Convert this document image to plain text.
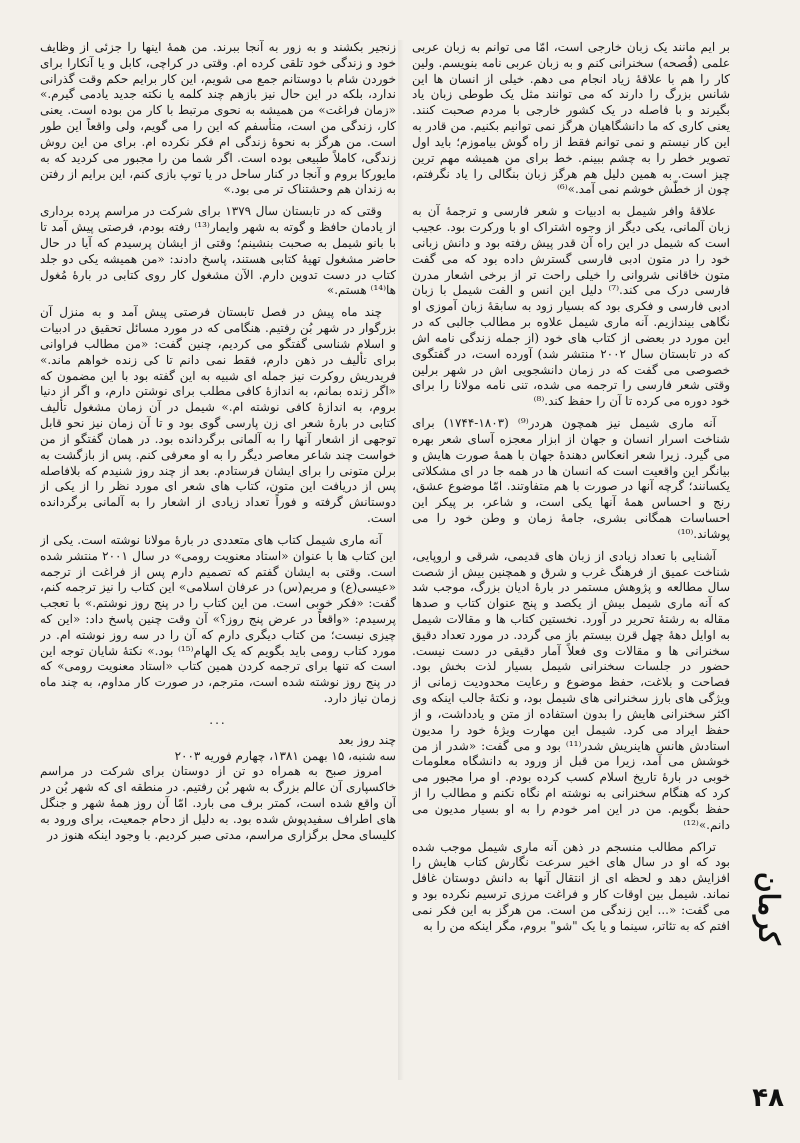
بر ایم مانند یک زبان خارجی است، امّا می توانم به زبان عربی علمی (فُصحه) سخنرانی کنم و به زبان عربی نامه بنویسم. ولین کار را هم با علاقهٔ زیاد انجام می دهم. خیلی از انسان ها این شانس بزرگ را دارند که می توانند مثل یک طوطی زبان یاد بگیرند و با فاصله در یک کشور خارجی با مردم صحبت کنند. یعنی کاری که ما دانشگاهیان هرگز نمی توانیم بکنیم. من قادر به این کار نیستم و نمی توانم فقط از راه گوش بیاموزم؛ باید اول تصویر خطر را به چشم ببینم. خط برای من همیشه مهم ترین چیز است. به همین دلیل هم هرگز زبان بنگالی را یاد نگرفتم، چون از خطّش خوشم نمی آمد.»⁽⁶⁾

علاقهٔ وافر شیمل به ادبیات و شعر فارسی و ترجمهٔ آن به زبان آلمانی، یکی دیگر از وجوه اشتراک او با ورکرت بود. عجیب است که شیمل در این راه آن قدر پیش رفته بود و دانش زبانی خود را در متون ادبی فارسی گسترش داده بود که می گفت متون خاقانی شروانی را خیلی راحت تر از برخی اشعار مدرن فارسی درک می کند.⁽⁷⁾ دلیل این انس و الفت شیمل با زبان ادبی فارسی و فکری بود که بسیار زود به سابقهٔ زبان آموزی او نگاهی بیندازیم. آنه ماری شیمل علاوه بر مطالب جالبی که در این مورد در بعضی از کتاب های خود (از جمله زندگی نامه اش که در تابستان سال ۲۰۰۲ منتشر شد) آورده است، در گفتگوی خصوصی می گفت که در زمان دانشجویی اش در شهر برلین وقتی شعر فارسی را ترجمه می شده، تنی نامه مولانا را برای خود دوره می کرده تا آن را حفظ کند.⁽⁸⁾

آنه ماری شیمل نیز همچون هردر⁽⁹⁾ (۱۸۰۳-۱۷۴۴) برای شناخت اسرار انسان و جهان از ابزار معجزه آسای شعر بهره می گیرد. زیرا شعر انعکاس دهندهٔ جهان با همهٔ صورت هایش و بیانگر این واقعیت است که انسان ها در همه جا در ای مشکلاتی یکسانند؛ گرچه آنها در صورت با هم متفاوتند. امّا موضوع عشق، رنج و احساس همهٔ آنها یکی است، و شاعر، بر پیکر این احساسات همگانی بشری، جامهٔ زمان و وطن خود را می پوشاند.⁽¹⁰⁾

آشنایی با تعداد زیادی از زبان های قدیمی، شرقی و اروپایی، شناخت عمیق از فرهنگ غرب و شرق و همچنین بیش از شصت سال مطالعه و پژوهش مستمر در بارهٔ ادیان بزرگ، موجب شد که آنه ماری شیمل بیش از یکصد و پنج عنوان کتاب و صدها مقاله به رشتهٔ تحریر در آورد. نخستین کتاب ها و مقالات شیمل به اوایل دههٔ چهل قرن بیستم باز می گردد. در مورد تعداد دقیق سخنرانی ها و مقالات وی فعلاً آمار دقیقی در دست نیست. حضور در جلسات سخنرانی شیمل بسیار لذت بخش بود. فصاحت و بلاغت، حفظ موضوع و رعایت محدودیت زمانی از ویژگی های بارز سخنرانی های شیمل بود، و نکتهٔ جالب اینکه وی اکثر سخنرانی هایش را بدون استفاده از متن و یادداشت، و از حفظ ایراد می کرد. شیمل این مهارت ویژهٔ خود را مدیون استادش هانس هاینریش شدر⁽¹¹⁾ بود و می گفت: «شدر از من خوشش می آمد، زیرا من قبل از ورود به دانشگاه معلومات خوبی در بارهٔ تاریخ اسلام کسب کرده بودم. او مرا مجبور می کرد که هنگام سخنرانی به نوشته ام نگاه نکنم و مطالب را از حفظ بگویم. من در این امر خودم را به او بسیار مدیون می دانم.»⁽¹²⁾

تراکم مطالب منسجم در ذهن آنه ماری شیمل موجب شده بود که او در سال های اخیر سرعت نگارش کتاب هایش را افزایش دهد و لحظه ای از انتقال آنها به دانش دوستان غافل نماند. شیمل بین اوقات کار و فراغت مرزی ترسیم نکرده بود و می گفت: «... این زندگی من است. من هرگز به این فکر نمی افتم که به تئاتر، سینما و یا یک "شو" بروم، مگر اینکه من را به

زنجیر بکشند و به زور به آنجا ببرند. من همهٔ اینها را جزئی از وظایف خود و زندگی خود تلقی کرده ام. وقتی در کراچی، کابل و یا آنکارا برای خوردن شام با دوستانم جمع می شویم، این کار برایم حکم وقت گذرانی ندارد، بلکه در این حال نیز بازهم چند کلمه یا نکته جدید یادمی گیرم.» «زمان فراغت» من همیشه به نحوی مرتبط با کار من بوده است. یعنی کار، زندگی من است، متأسفم که این را می گویم، ولی واقعاً این طور است. من هرگز به نحوهٔ زندگی ام فکر نکرده ام. برای من این روش زندگی، کاملاً طبیعی بوده است. اگر شما من را مجبور می کردید که به مایورکا بروم و آنجا در کنار ساحل در یا توپ بازی کنم، این برایم از رفتن به زندان هم وحشتناک تر می بود.»

وقتی که در تابستان سال ۱۳۷۹ برای شرکت در مراسم پرده برداری از یادمان حافظ و گوته به شهر وایمار⁽¹³⁾ رفته بودم، فرصتی پیش آمد تا با بانو شیمل به صحبت بنشینم؛ وقتی از ایشان پرسیدم که آیا در حال حاضر مشغول تهیهٔ کتابی هستند، پاسخ دادند: «من همیشه یکی دو جلد کتاب در دست تدوین دارم. الآن مشغول کار روی کتابی در بارهٔ مُغول ها⁽¹⁴⁾ هستم.»

چند ماه پیش در فصل تابستان فرصتی پیش آمد و به منزل آن بزرگوار در شهر بُن رفتیم. هنگامی که در مورد مسائل تحقیق در ادبیات و اسلام شناسی گفتگو می کردیم، چنین گفت: «من مطالب فراوانی برای تألیف در ذهن دارم، فقط نمی دانم تا کی زنده خواهم ماند.» فریدریش روکرت نیز جمله ای شبیه به این گفته بود با این مضمون که «اگر زنده بمانم، به اندازهٔ کافی مطلب برای نوشتن دارم، و اگر از دنیا بروم، به اندازهٔ کافی نوشته ام.» شیمل در آن زمان مشغول تألیف کتابی در بارهٔ شعر ای زن پارسی گوی بود و تا آن زمان نیز نحو قابل توجهی از اشعار آنها را به آلمانی برگردانده بود. در همان گفتگو از من خواست چند شاعر معاصر دیگر را به او معرفی کنم. پس از بازگشت به برلن متونی را برای ایشان فرستادم. بعد از چند روز شنیدم که بلافاصله پس از دریافت این متون، کتاب های شعر ای مورد نظر را از یکی از دوستانش گرفته و فوراً تعداد زیادی از اشعار را به آلمانی برگردانده است.

آنه ماری شیمل کتاب های متعددی در بارهٔ مولانا نوشته است. یکی از این کتاب ها با عنوان «استاد معنویت رومی» در سال ۲۰۰۱ منتشر شده است. وقتی به ایشان گفتم که تصمیم دارم پس از فراغت از ترجمه «عیسی(ع) و مریم(س) در عرفان اسلامی» این کتاب را نیز ترجمه کنم، گفت: «فکر خوبی است. من این کتاب را در پنج روز نوشتم.» با تعجب پرسیدم: «واقعاً در عرض پنج روز؟» آن وقت چنین پاسخ داد: «این که چیزی نیست؛ من کتاب دیگری دارم که آن را در سه روز نوشته ام. در مورد کتاب رومی باید بگویم که یک الهام⁽¹⁵⁾ بود.» نکتهٔ شایان توجه این است که تنها برای ترجمه کردن همین کتاب «استاد معنویت رومی» که در پنج روز نوشته شده است، مترجم، در صورت کار مداوم، به چند ماه زمان نیاز دارد.

...
چند روز بعد
سه شنبه، ۱۵ بهمن ۱۳۸۱، چهارم فوریه ۲۰۰۳

امروز صبح به همراه دو تن از دوستان برای شرکت در مراسم خاکسپاری آن عالم بزرگ به شهر بُن رفتیم. در منطقه ای که شهر بُن در آن واقع شده است، کمتر برف می بارد. امّا آن روز همهٔ شهر و جنگل های اطراف سفیدپوش شده بود. به دلیل از دحام جمعیت، برای ورود به کلیسای محل برگزاری مراسم، مدتی صبر کردیم. با وجود اینکه هنوز در

کرمان
۴۸
